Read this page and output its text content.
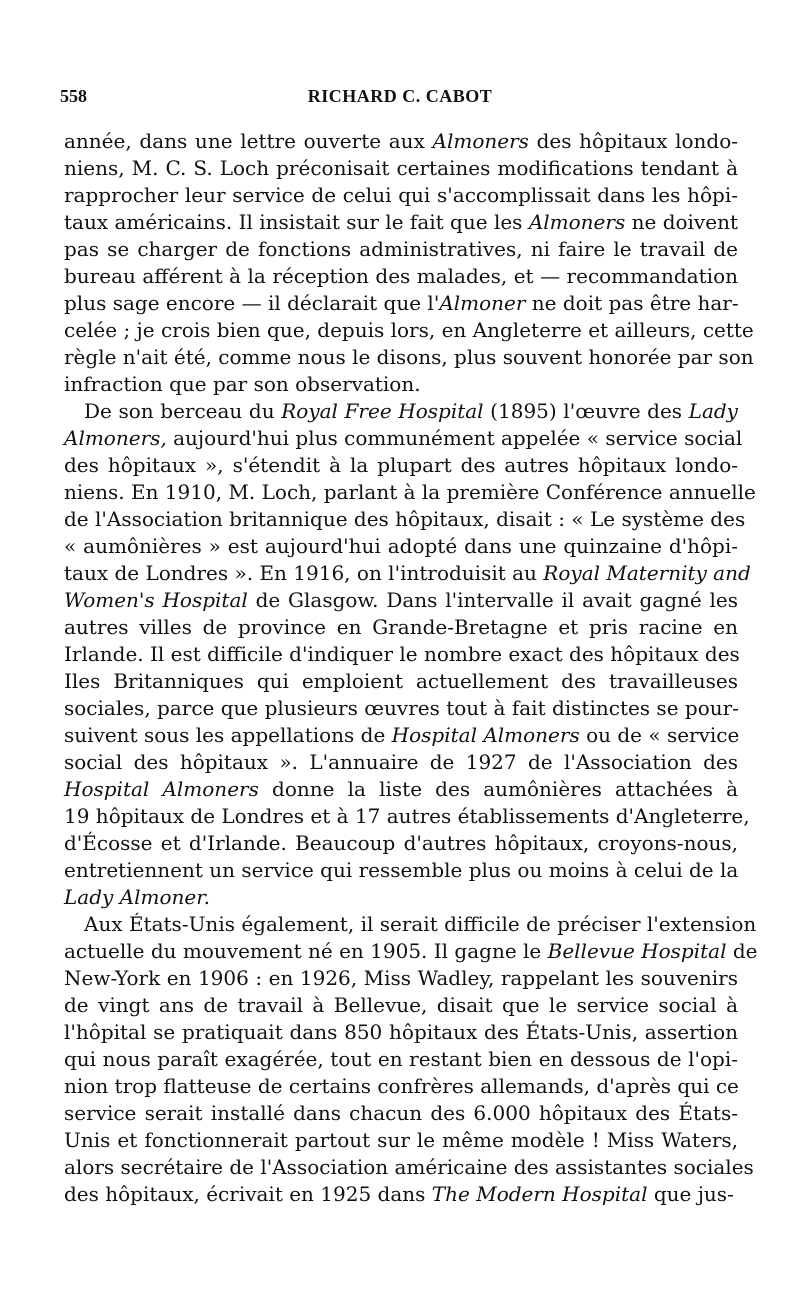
558	RICHARD C. CABOT
année, dans une lettre ouverte aux Almoners des hôpitaux londo-
niens, M. C. S. Loch préconisait certaines modifications tendant à
rapprocher leur service de celui qui s'accomplissait dans les hôpi-
taux américains. Il insistait sur le fait que les Almoners ne doivent
pas se charger de fonctions administratives, ni faire le travail de
bureau afférent à la réception des malades, et — recommandation
plus sage encore — il déclarait que l'Almoner ne doit pas être har-
celée ; je crois bien que, depuis lors, en Angleterre et ailleurs, cette
règle n'ait été, comme nous le disons, plus souvent honorée par son
infraction que par son observation.
De son berceau du Royal Free Hospital (1895) l'œuvre des Lady
Almoners, aujourd'hui plus communément appelée « service social
des hôpitaux », s'étendit à la plupart des autres hôpitaux londo-
niens. En 1910, M. Loch, parlant à la première Conférence annuelle
de l'Association britannique des hôpitaux, disait : « Le système des
« aumônières » est aujourd'hui adopté dans une quinzaine d'hôpi-
taux de Londres ». En 1916, on l'introduisit au Royal Maternity and
Women's Hospital de Glasgow. Dans l'intervalle il avait gagné les
autres villes de province en Grande-Bretagne et pris racine en
Irlande. Il est difficile d'indiquer le nombre exact des hôpitaux des
Iles Britanniques qui emploient actuellement des travailleuses
sociales, parce que plusieurs œuvres tout à fait distinctes se pour-
suivent sous les appellations de Hospital Almoners ou de « service
social des hôpitaux ». L'annuaire de 1927 de l'Association des
Hospital Almoners donne la liste des aumônières attachées à
19 hôpitaux de Londres et à 17 autres établissements d'Angleterre,
d'Écosse et d'Irlande. Beaucoup d'autres hôpitaux, croyons-nous,
entretiennent un service qui ressemble plus ou moins à celui de la
Lady Almoner.
Aux États-Unis également, il serait difficile de préciser l'extension
actuelle du mouvement né en 1905. Il gagne le Bellevue Hospital de
New-York en 1906 : en 1926, Miss Wadley, rappelant les souvenirs
de vingt ans de travail à Bellevue, disait que le service social à
l'hôpital se pratiquait dans 850 hôpitaux des États-Unis, assertion
qui nous paraît exagérée, tout en restant bien en dessous de l'opi-
nion trop flatteuse de certains confrères allemands, d'après qui ce
service serait installé dans chacun des 6.000 hôpitaux des États-
Unis et fonctionnerait partout sur le même modèle ! Miss Waters,
alors secrétaire de l'Association américaine des assistantes sociales
des hôpitaux, écrivait en 1925 dans The Modern Hospital que jus-
